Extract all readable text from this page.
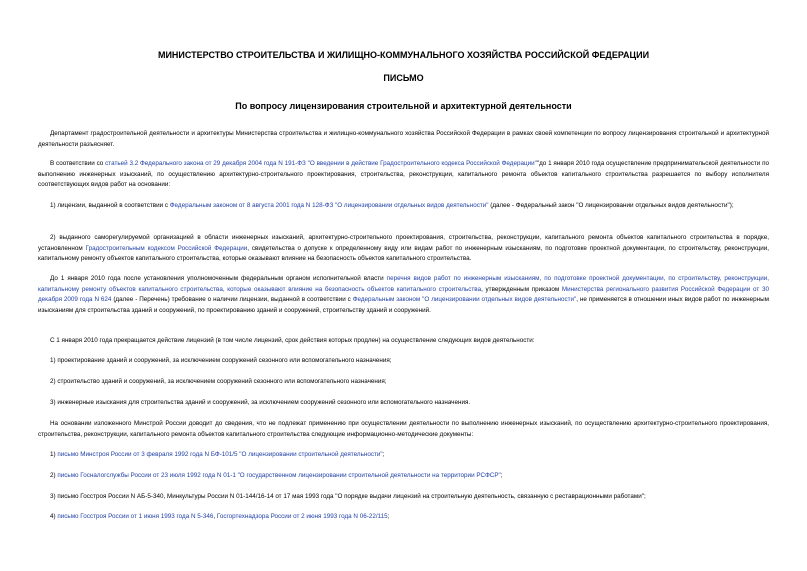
МИНИСТЕРСТВО СТРОИТЕЛЬСТВА И ЖИЛИЩНО-КОММУНАЛЬНОГО ХОЗЯЙСТВА РОССИЙСКОЙ ФЕДЕРАЦИИ
ПИСЬМО
По вопросу лицензирования строительной и архитектурной деятельности

Департамент градостроительной деятельности и архитектуры Министерства строительства и жилищно-коммунального хозяйства Российской Федерации в рамках своей компетенции по вопросу лицензирования строительной и архитектурной деятельности разъясняет.

В соответствии со статьей 3.2 Федерального закона от 29 декабря 2004 года N 191-ФЗ "О введении в действие Градостроительного кодекса Российской Федерации""до 1 января 2010 года осуществление предпринимательской деятельности по выполнению инженерных изысканий, по осуществлению архитектурно-строительного проектирования, строительства, реконструкции, капитального ремонта объектов капитального строительства разрешается по выбору исполнителя соответствующих видов работ на основании:

1) лицензии, выданной в соответствии с Федеральным законом от 8 августа 2001 года N 128-ФЗ "О лицензировании отдельных видов деятельности" (далее - Федеральный закон "О лицензировании отдельных видов деятельности");

2) выданного саморегулируемой организацией в области инженерных изысканий, архитектурно-строительного проектирования, строительства, реконструкции, капитального ремонта объектов капитального строительства в порядке, установленном Градостроительным кодексом Российской Федерации, свидетельства о допуске к определенному виду или видам работ по инженерным изысканиям, по подготовке проектной документации, по строительству, реконструкции, капитальному ремонту объектов капитального строительства, которые оказывают влияние на безопасность объектов капитального строительства.

До 1 января 2010 года после установления уполномоченным федеральным органом исполнительной власти перечня видов работ по инженерным изысканиям, по подготовке проектной документации, по строительству, реконструкции, капитальному ремонту объектов капитального строительства, которые оказывают влияние на безопасность объектов капитального строительства, утвержденным приказом Министерства регионального развития Российской Федерации от 30 декабря 2009 года N 624 (далее - Перечень) требование о наличии лицензии, выданной в соответствии с Федеральным законом "О лицензировании отдельных видов деятельности", не применяется в отношении иных видов работ по инженерным изысканиям для строительства зданий и сооружений, по проектированию зданий и сооружений, строительству зданий и сооружений.

С 1 января 2010 года прекращается действие лицензий (в том числе лицензий, срок действия которых продлен) на осуществление следующих видов деятельности:

1) проектирование зданий и сооружений, за исключением сооружений сезонного или вспомогательного назначения;

2) строительство зданий и сооружений, за исключением сооружений сезонного или вспомогательного назначения;

3) инженерные изыскания для строительства зданий и сооружений, за исключением сооружений сезонного или вспомогательного назначения.

На основании изложенного Минстрой России доводит до сведения, что не подлежат применению при осуществлении деятельности по выполнению инженерных изысканий, по осуществлению архитектурно-строительного проектирования, строительства, реконструкции, капитального ремонта объектов капитального строительства следующие информационно-методические документы:

1) письмо Минстроя России от 3 февраля 1992 года N БФ-101/5 "О лицензировании строительной деятельности";

2) письмо Госналогслужбы России от 23 июля 1992 года N 01-1 "О государственном лицензировании строительной деятельности на территории РСФСР";

3) письмо Госстроя России N АБ-5-340, Минкультуры России N 01-144/16-14 от 17 мая 1993 года "О порядке выдачи лицензий на строительную деятельность, связанную с реставрационными работами";

4) письмо Госстроя России от 1 июня 1993 года N 5-346, Госгортехнадзора России от 2 июня 1993 года N 06-22/115;
